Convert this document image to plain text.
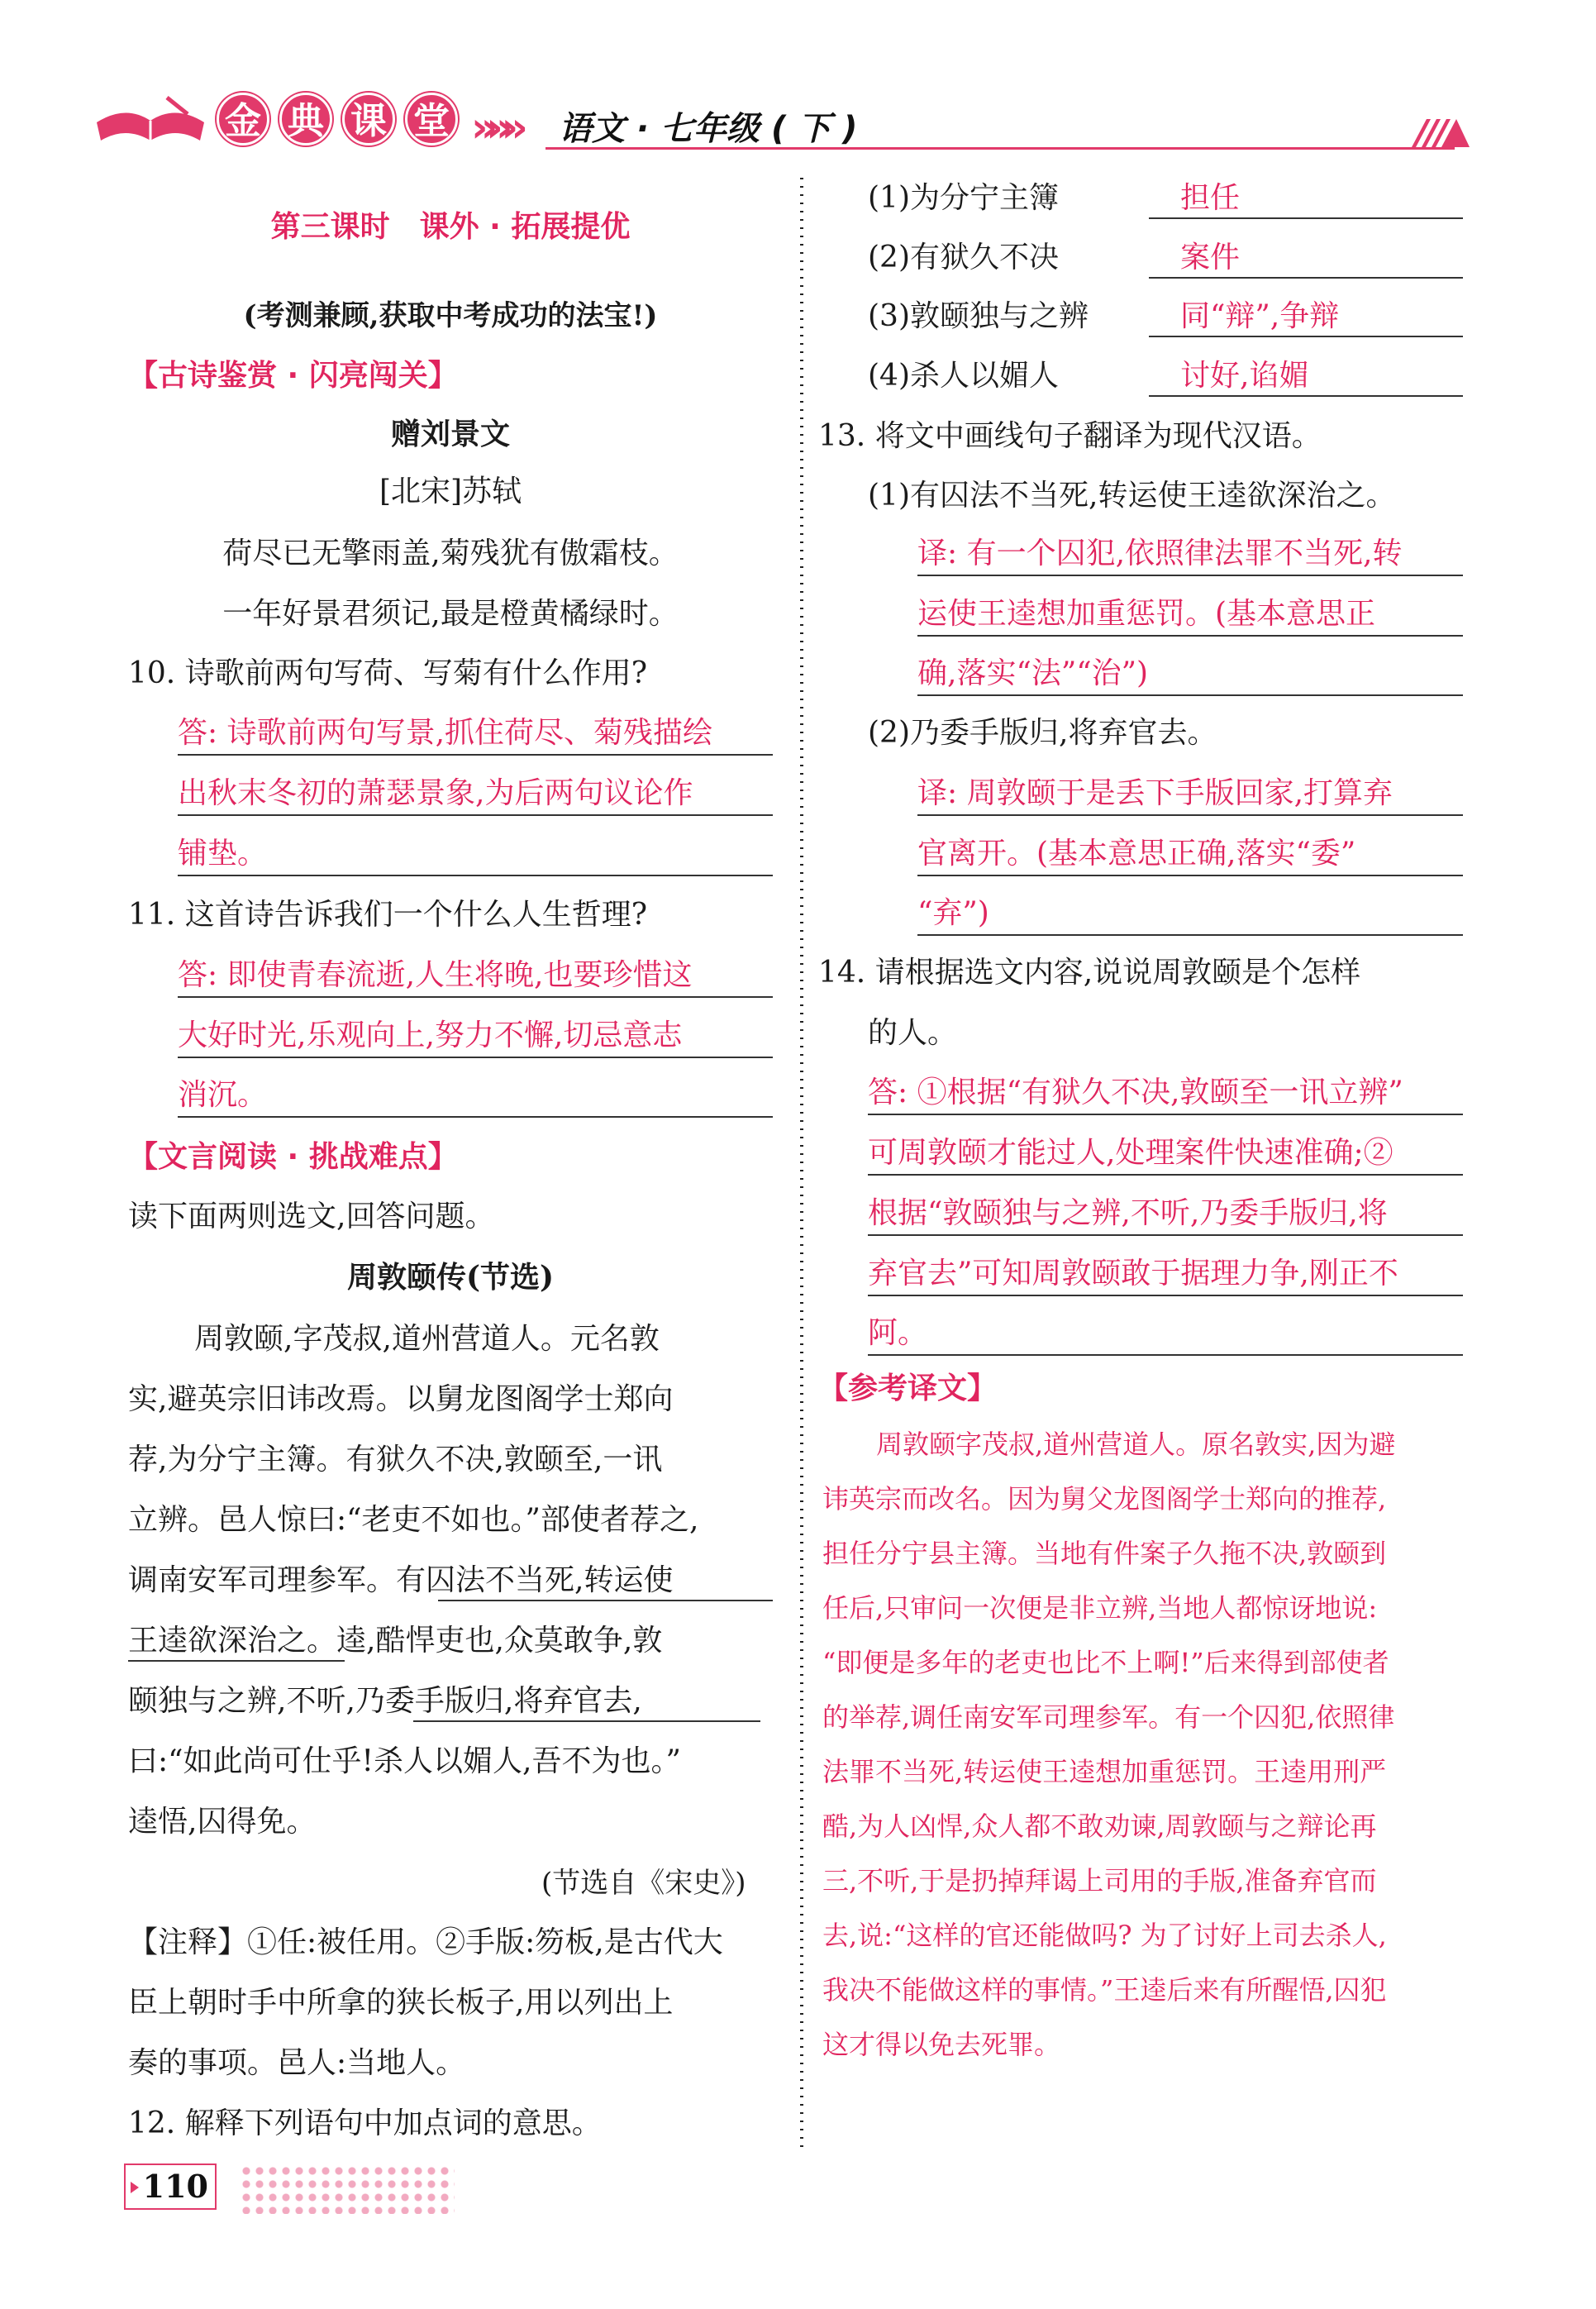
金 典 课 堂 »»» 语文 · 七年级 ( 下 )
第三课时　课外 · 拓展提优
(考测兼顾,获取中考成功的法宝!)
【古诗鉴赏 · 闪亮闯关】
赠刘景文
[北宋]苏轼
荷尽已无擎雨盖,菊残犹有傲霜枝。
一年好景君须记,最是橙黄橘绿时。
10. 诗歌前两句写荷、写菊有什么作用?
答: 诗歌前两句写景,抓住荷尽、菊残描绘
出秋末冬初的萧瑟景象,为后两句议论作
铺垫。
11. 这首诗告诉我们一个什么人生哲理?
答: 即使青春流逝,人生将晚,也要珍惜这
大好时光,乐观向上,努力不懈,切忌意志
消沉。
【文言阅读 · 挑战难点】
读下面两则选文,回答问题。
周敦颐传(节选)
周敦颐,字茂叔,道州营道人。元名敦
实,避英宗旧讳改焉。以舅龙图阁学士郑向
荐,为分宁主簿。有狱久不决,敦颐至,一讯
立辨。邑人惊曰:“老吏不如也。”部使者荐之,
调南安军司理参军。有囚法不当死,转运使
王逵欲深治之。逵,酷悍吏也,众莫敢争,敦
颐独与之辨,不听,乃委手版归,将弃官去,
曰:“如此尚可仕乎!杀人以媚人,吾不为也。”
逵悟,囚得免。
(节选自《宋史》)
【注释】①任:被任用。②手版:笏板,是古代大
臣上朝时手中所拿的狭长板子,用以列出上
奏的事项。邑人:当地人。
12. 解释下列语句中加点词的意思。
(1)为分宁主簿	担任
(2)有狱久不决	案件
(3)敦颐独与之辨	同“辩”,争辩
(4)杀人以媚人	讨好,谄媚
13. 将文中画线句子翻译为现代汉语。
(1)有囚法不当死,转运使王逵欲深治之。
译: 有一个囚犯,依照律法罪不当死,转
运使王逵想加重惩罚。(基本意思正
确,落实“法”“治”)
(2)乃委手版归,将弃官去。
译: 周敦颐于是丢下手版回家,打算弃
官离开。(基本意思正确,落实“委”
“弃”)
14. 请根据选文内容,说说周敦颐是个怎样
的人。
答: ①根据“有狱久不决,敦颐至一讯立辨”
可周敦颐才能过人,处理案件快速准确;②
根据“敦颐独与之辨,不听,乃委手版归,将
弃官去”可知周敦颐敢于据理力争,刚正不
阿。
【参考译文】
周敦颐字茂叔,道州营道人。原名敦实,因为避
讳英宗而改名。因为舅父龙图阁学士郑向的推荐,
担任分宁县主簿。当地有件案子久拖不决,敦颐到
任后,只审问一次便是非立辨,当地人都惊讶地说:
“即便是多年的老吏也比不上啊!”后来得到部使者
的举荐,调任南安军司理参军。有一个囚犯,依照律
法罪不当死,转运使王逵想加重惩罚。王逵用刑严
酷,为人凶悍,众人都不敢劝谏,周敦颐与之辩论再
三,不听,于是扔掉拜谒上司用的手版,准备弃官而
去,说:“这样的官还能做吗? 为了讨好上司去杀人,
我决不能做这样的事情。”王逵后来有所醒悟,囚犯
这才得以免去死罪。
110
